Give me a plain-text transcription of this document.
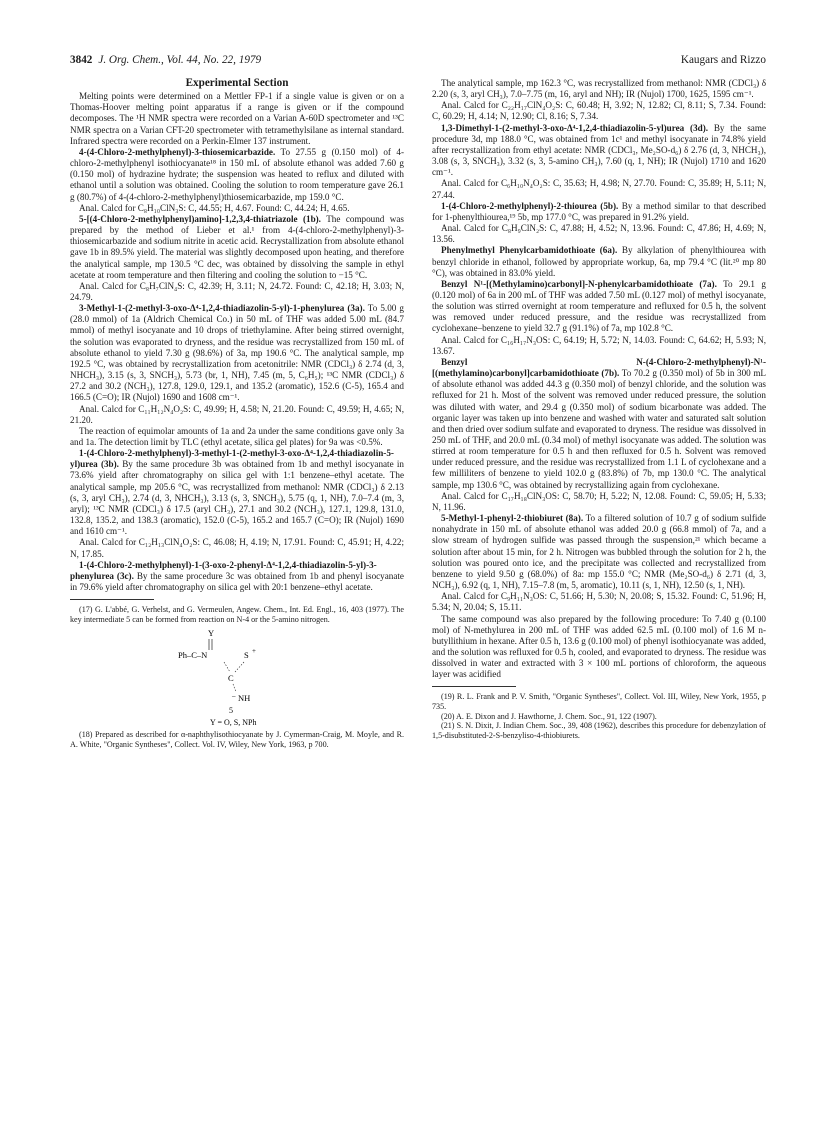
3842 J. Org. Chem., Vol. 44, No. 22, 1979	Kaugars and Rizzo

Experimental Section

Melting points were determined on a Mettler FP-1 if a single value is given or on a Thomas-Hoover melting point apparatus if a range is given or if the compound decomposes. The ¹H NMR spectra were recorded on a Varian A-60D spectrometer and ¹³C NMR spectra on a Varian CFT-20 spectrometer with tetramethylsilane as internal standard. Infrared spectra were recorded on a Perkin-Elmer 137 instrument.

4-(4-Chloro-2-methylphenyl)-3-thiosemicarbazide. To 27.55 g (0.150 mol) of 4-chloro-2-methylphenyl isothiocyanate¹⁸ in 150 mL of absolute ethanol was added 7.60 g (0.150 mol) of hydrazine hydrate; the suspension was heated to reflux and diluted with ethanol until a solution was obtained. Cooling the solution to room temperature gave 26.1 g (80.7%) of 4-(4-chloro-2-methylphenyl)thiosemicarbazide, mp 159.0 °C.

Anal. Calcd for C₈H₁₀ClN₃S: C, 44.55; H, 4.67. Found: C, 44.24; H, 4.65.

5-[(4-Chloro-2-methylphenyl)amino]-1,2,3,4-thiatriazole (1b). The compound was prepared by the method of Lieber et al.¹ from 4-(4-chloro-2-methylphenyl)-3-thiosemicarbazide and sodium nitrite in acetic acid. Recrystallization from absolute ethanol gave 1b in 89.5% yield. The material was slightly decomposed upon heating, and therefore the analytical sample, mp 130.5 °C dec, was obtained by dissolving the sample in ethyl acetate at room temperature and then filtering and cooling the solution to −15 °C.

Anal. Calcd for C₈H₇ClN₄S: C, 42.39; H, 3.11; N, 24.72. Found: C, 42.18; H, 3.03; N, 24.79.

3-Methyl-1-(2-methyl-3-oxo-Δ⁴-1,2,4-thiadiazolin-5-yl)-1-phenylurea (3a). To 5.00 g (28.0 mmol) of 1a (Aldrich Chemical Co.) in 50 mL of THF was added 5.00 mL (84.7 mmol) of methyl isocyanate and 10 drops of triethylamine. After being stirred overnight, the solution was evaporated to dryness, and the residue was recrystallized from 150 mL of absolute ethanol to yield 7.30 g (98.6%) of 3a, mp 190.6 °C. The analytical sample, mp 192.5 °C, was obtained by recrystallization from acetonitrile: NMR (CDCl₃) δ 2.74 (d, 3, NHCH₃), 3.15 (s, 3, SNCH₃), 5.73 (br, 1, NH), 7.45 (m, 5, C₆H₅); ¹³C NMR (CDCl₃) δ 27.2 and 30.2 (NCH₃), 127.8, 129.0, 129.1, and 135.2 (aromatic), 152.6 (C-5), 165.4 and 166.5 (C=O); IR (Nujol) 1690 and 1608 cm⁻¹.

Anal. Calcd for C₁₁H₁₂N₄O₂S: C, 49.99; H, 4.58; N, 21.20. Found: C, 49.59; H, 4.65; N, 21.20.

The reaction of equimolar amounts of 1a and 2a under the same conditions gave only 3a and 1a. The detection limit by TLC (ethyl acetate, silica gel plates) for 9a was <0.5%.

1-(4-Chloro-2-methylphenyl)-3-methyl-1-(2-methyl-3-oxo-Δ⁴-1,2,4-thiadiazolin-5-yl)urea (3b). By the same procedure 3b was obtained from 1b and methyl isocyanate in 73.6% yield after chromatography on silica gel with 1:1 benzene–ethyl acetate. The analytical sample, mp 205.6 °C, was recrystallized from methanol: NMR (CDCl₃) δ 2.13 (s, 3, aryl CH₃), 2.74 (d, 3, NHCH₃), 3.13 (s, 3, SNCH₃), 5.75 (q, 1, NH), 7.0–7.4 (m, 3, aryl); ¹³C NMR (CDCl₃) δ 17.5 (aryl CH₃), 27.1 and 30.2 (NCH₃), 127.1, 129.8, 131.0, 132.8, 135.2, and 138.3 (aromatic), 152.0 (C-5), 165.2 and 165.7 (C=O); IR (Nujol) 1690 and 1610 cm⁻¹.

Anal. Calcd for C₁₂H₁₃ClN₄O₂S: C, 46.08; H, 4.19; N, 17.91. Found: C, 45.91; H, 4.22; N, 17.85.

1-(4-Chloro-2-methylphenyl)-1-(3-oxo-2-phenyl-Δ⁴-1,2,4-thiadiazolin-5-yl)-3-phenylurea (3c). By the same procedure 3c was obtained from 1b and phenyl isocyanate in 79.6% yield after chromatography on silica gel with 20:1 benzene–ethyl acetate.

(17) G. L'abbé, G. Verhelst, and G. Vermeulen, Angew. Chem., Int. Ed. Engl., 16, 403 (1977). The key intermediate 5 can be formed from reaction on N-4 or the 5-amino nitrogen.

Y
Ph–C–N	S +
C
NH
–
5
Y = O, S, NPh

(18) Prepared as described for α-naphthylisothiocyanate by J. Cymerman-Craig, M. Moyle, and R. A. White, "Organic Syntheses", Collect. Vol. IV, Wiley, New York, 1963, p 700.

The analytical sample, mp 162.3 °C, was recrystallized from methanol: NMR (CDCl₃) δ 2.20 (s, 3, aryl CH₃), 7.0–7.75 (m, 16, aryl and NH); IR (Nujol) 1700, 1625, 1595 cm⁻¹.

Anal. Calcd for C₂₂H₁₇ClN₄O₂S: C, 60.48; H, 3.92; N, 12.82; Cl, 8.11; S, 7.34. Found: C, 60.29; H, 4.14; N, 12.90; Cl, 8.16; S, 7.34.

1,3-Dimethyl-1-(2-methyl-3-oxo-Δ⁴-1,2,4-thiadiazolin-5-yl)urea (3d). By the same procedure 3d, mp 188.0 °C, was obtained from 1c¹ and methyl isocyanate in 74.8% yield after recrystallization from ethyl acetate: NMR (CDCl₃, Me₂SO-d₆) δ 2.76 (d, 3, NHCH₃), 3.08 (s, 3, SNCH₃), 3.32 (s, 3, 5-amino CH₃), 7.60 (q, 1, NH); IR (Nujol) 1710 and 1620 cm⁻¹.

Anal. Calcd for C₆H₁₀N₄O₂S: C, 35.63; H, 4.98; N, 27.70. Found: C, 35.89; H, 5.11; N, 27.44.

1-(4-Chloro-2-methylphenyl)-2-thiourea (5b). By a method similar to that described for 1-phenylthiourea,¹⁹ 5b, mp 177.0 °C, was prepared in 91.2% yield.

Anal. Calcd for C₈H₉ClN₂S: C, 47.88; H, 4.52; N, 13.96. Found: C, 47.86; H, 4.69; N, 13.56.

Phenylmethyl Phenylcarbamidothioate (6a). By alkylation of phenylthiourea with benzyl chloride in ethanol, followed by appropriate workup, 6a, mp 79.4 °C (lit.²⁰ mp 80 °C), was obtained in 83.0% yield.

Benzyl N¹-[(Methylamino)carbonyl]-N-phenylcarbamidothioate (7a). To 29.1 g (0.120 mol) of 6a in 200 mL of THF was added 7.50 mL (0.127 mol) of methyl isocyanate, the solution was stirred overnight at room temperature and refluxed for 0.5 h, the solvent was removed under reduced pressure, and the residue was recrystallized from cyclohexane–benzene to yield 32.7 g (91.1%) of 7a, mp 102.8 °C.

Anal. Calcd for C₁₆H₁₇N₃OS: C, 64.19; H, 5.72; N, 14.03. Found: C, 64.62; H, 5.93; N, 13.67.

Benzyl N-(4-Chloro-2-methylphenyl)-N¹-[(methylamino)carbonyl]carbamidothioate (7b). To 70.2 g (0.350 mol) of 5b in 300 mL of absolute ethanol was added 44.3 g (0.350 mol) of benzyl chloride, and the solution was refluxed for 21 h. Most of the solvent was removed under reduced pressure, the solution was diluted with water, and 29.4 g (0.350 mol) of sodium bicarbonate was added. The organic layer was taken up into benzene and washed with water and saturated salt solution and then dried over sodium sulfate and evaporated to dryness. The residue was dissolved in 250 mL of THF, and 20.0 mL (0.34 mol) of methyl isocyanate was added. The solution was stirred at room temperature for 0.5 h and then refluxed for 0.5 h. Solvent was removed under reduced pressure, and the residue was recrystallized from 1.1 L of cyclohexane and a few milliliters of benzene to yield 102.0 g (83.8%) of 7b, mp 130.0 °C. The analytical sample, mp 130.6 °C, was obtained by recrystallizing again from cyclohexane.

Anal. Calcd for C₁₇H₁₈ClN₃OS: C, 58.70; H, 5.22; N, 12.08. Found: C, 59.05; H, 5.33; N, 11.96.

5-Methyl-1-phenyl-2-thiobiuret (8a). To a filtered solution of 10.7 g of sodium sulfide nonahydrate in 150 mL of absolute ethanol was added 20.0 g (66.8 mmol) of 7a, and a slow stream of hydrogen sulfide was passed through the suspension,²¹ which became a solution after about 15 min, for 2 h. Nitrogen was bubbled through the solution for 2 h, the solution was poured onto ice, and the precipitate was collected and recrystallized from benzene to yield 9.50 g (68.0%) of 8a: mp 155.0 °C; NMR (Me₂SO-d₆) δ 2.71 (d, 3, NCH₃), 6.92 (q, 1, NH), 7.15–7.8 (m, 5, aromatic), 10.11 (s, 1, NH), 12.50 (s, 1, NH).

Anal. Calcd for C₉H₁₁N₃OS: C, 51.66; H, 5.30; N, 20.08; S, 15.32. Found: C, 51.96; H, 5.34; N, 20.04; S, 15.11.

The same compound was also prepared by the following procedure: To 7.40 g (0.100 mol) of N-methylurea in 200 mL of THF was added 62.5 mL (0.100 mol) of 1.6 M n-butyllithium in hexane. After 0.5 h, 13.6 g (0.100 mol) of phenyl isothiocyanate was added, and the solution was refluxed for 0.5 h, cooled, and evaporated to dryness. The residue was dissolved in water and extracted with 3 × 100 mL portions of chloroform, the aqueous layer was acidified

(19) R. L. Frank and P. V. Smith, "Organic Syntheses", Collect. Vol. III, Wiley, New York, 1955, p 735.

(20) A. E. Dixon and J. Hawthorne, J. Chem. Soc., 91, 122 (1907).

(21) S. N. Dixit, J. Indian Chem. Soc., 39, 408 (1962), describes this procedure for debenzylation of 1,5-disubstituted-2-S-benzyliso-4-thiobiurets.
